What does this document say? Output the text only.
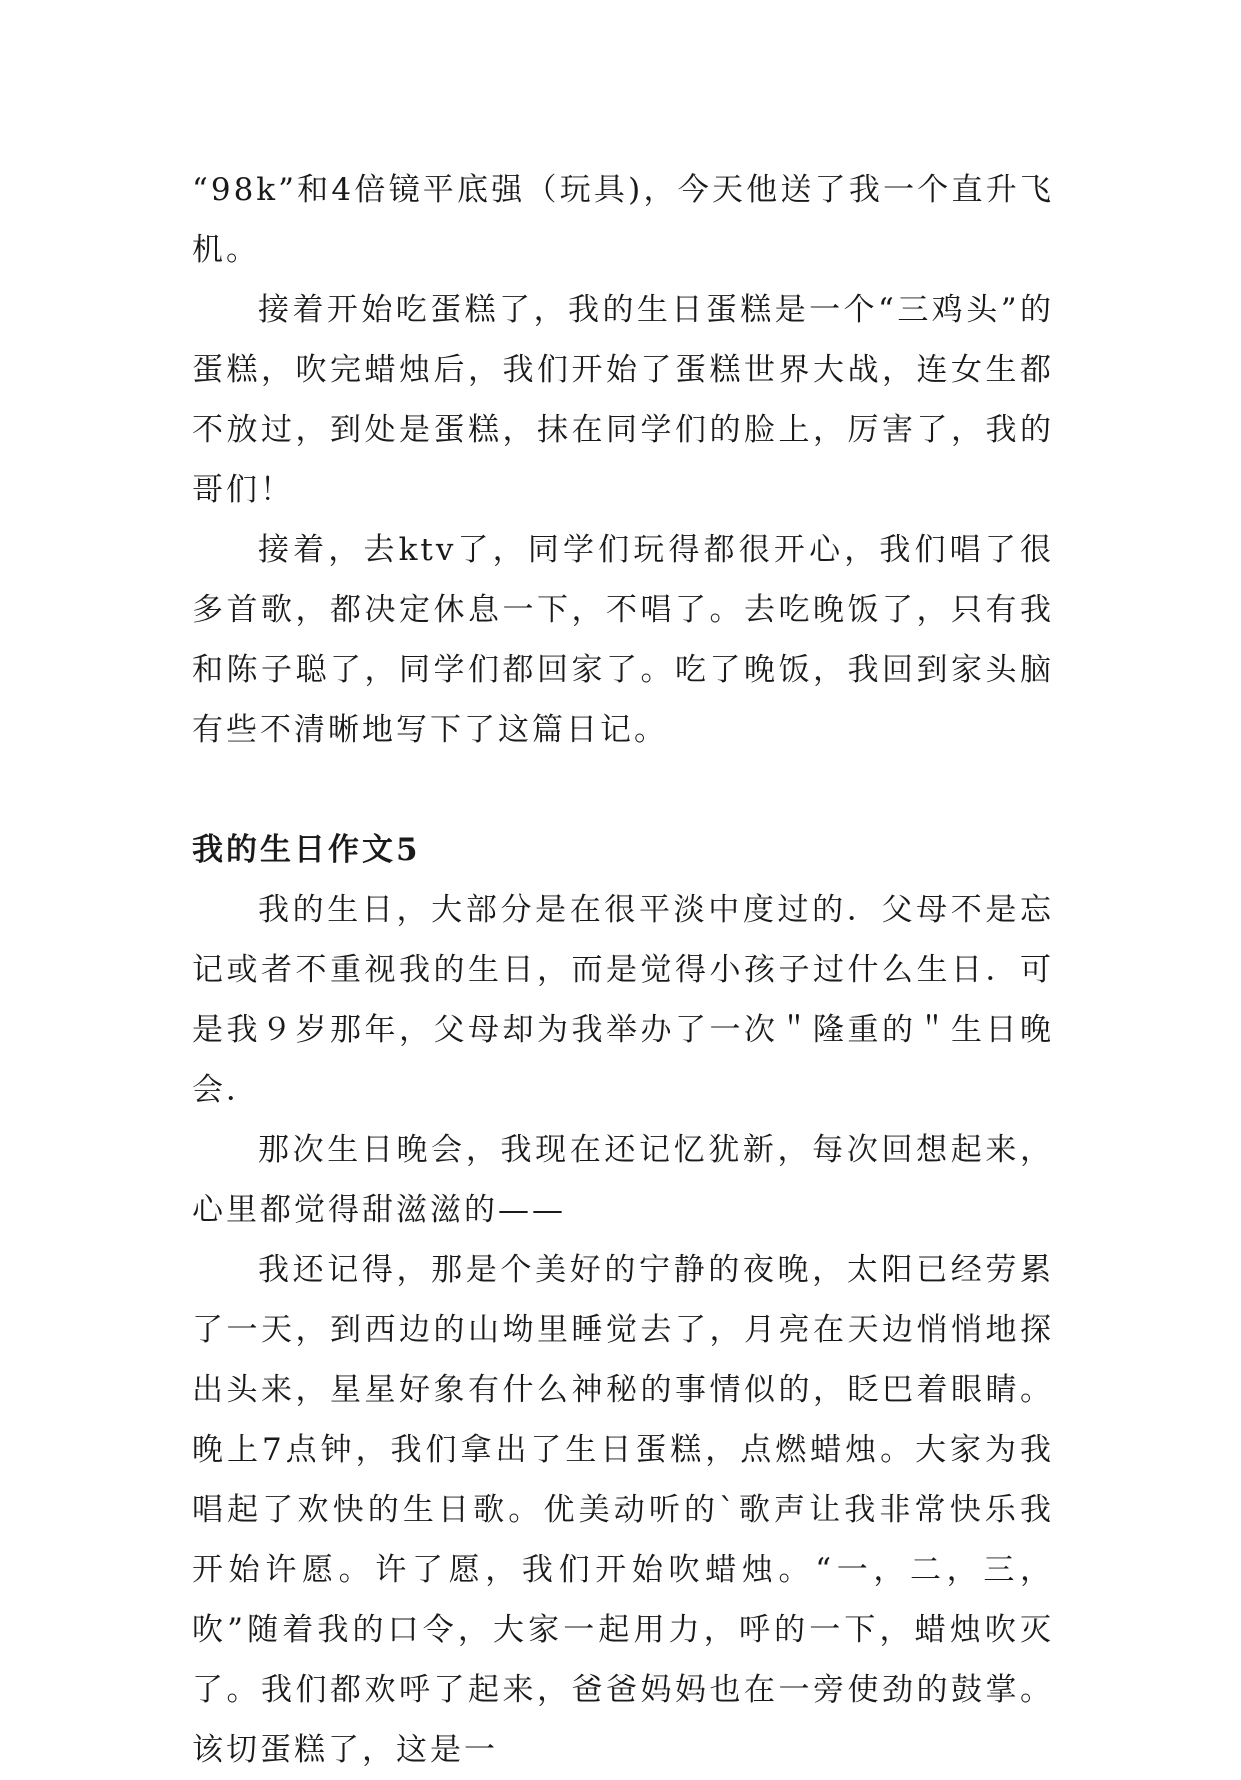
“98k”和4倍镜平底强（玩具)，今天他送了我一个直升飞机。

接着开始吃蛋糕了，我的生日蛋糕是一个“三鸡头”的蛋糕，吹完蜡烛后，我们开始了蛋糕世界大战，连女生都不放过，到处是蛋糕，抹在同学们的脸上，厉害了，我的哥们！

接着，去ktv了，同学们玩得都很开心，我们唱了很多首歌，都决定休息一下，不唱了。去吃晚饭了，只有我和陈子聪了，同学们都回家了。吃了晚饭，我回到家头脑有些不清晰地写下了这篇日记。

我的生日作文5

我的生日，大部分是在很平淡中度过的．父母不是忘记或者不重视我的生日，而是觉得小孩子过什么生日．可是我９岁那年，父母却为我举办了一次＂隆重的＂生日晚会．

那次生日晚会，我现在还记忆犹新，每次回想起来，心里都觉得甜滋滋的——

我还记得，那是个美好的宁静的夜晚，太阳已经劳累了一天，到西边的山坳里睡觉去了，月亮在天边悄悄地探出头来，星星好象有什么神秘的事情似的，眨巴着眼睛。晚上7点钟，我们拿出了生日蛋糕，点燃蜡烛。大家为我唱起了欢快的生日歌。优美动听的`歌声让我非常快乐我开始许愿。许了愿，我们开始吹蜡烛。“一，二，三，吹”随着我的口令，大家一起用力，呼的一下，蜡烛吹灭了。我们都欢呼了起来，爸爸妈妈也在一旁使劲的鼓掌。该切蛋糕了，这是一
